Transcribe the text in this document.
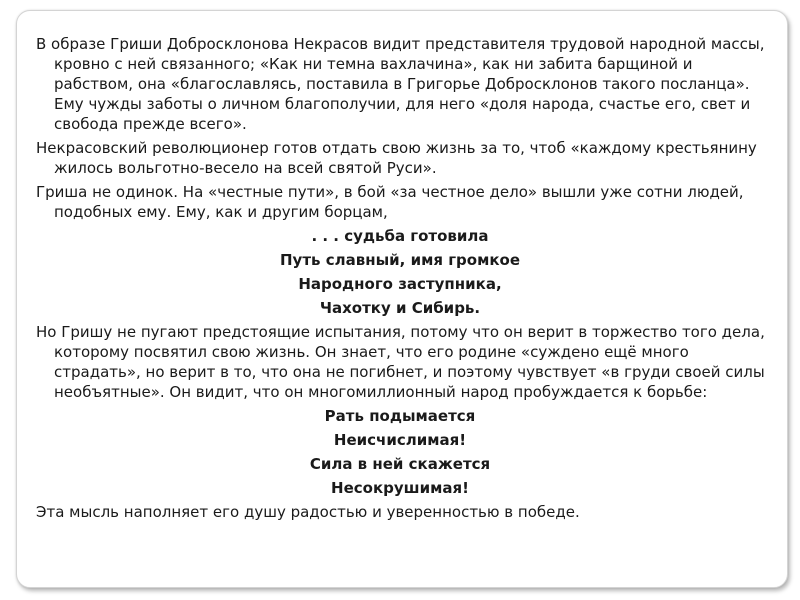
В образе Гриши Добросклонова Некрасов видит представителя трудовой народной массы, кровно с ней связанного; «Как ни темна вахлачина», как ни забита барщиной и рабством, она «благославлясь, поставила в Григорье Добросклонов такого посланца». Ему чужды заботы о личном благополучии, для него «доля народа, счастье его, свет и свобода прежде всего».

Некрасовский революционер готов отдать свою жизнь за то, чтоб «каждому крестьянину жилось вольготно-весело на всей святой Руси».

Гриша не одинок. На «честные пути», в бой «за честное дело» вышли уже сотни людей, подобных ему. Ему, как и другим борцам,

. . . судьба готовила

Путь славный, имя громкое

Народного заступника,

Чахотку и Сибирь.

Но Гришу не пугают предстоящие испытания, потому что он верит в торжество того дела, которому посвятил свою жизнь. Он знает, что его родине «суждено ещё много страдать», но верит в то, что она не погибнет, и поэтому чувствует «в груди своей силы необъятные». Он видит, что он многомиллионный народ пробуждается к борьбе:

Рать подымается

Неисчислимая!

Сила в ней скажется

Несокрушимая!

Эта мысль наполняет его душу радостью и уверенностью в победе.
